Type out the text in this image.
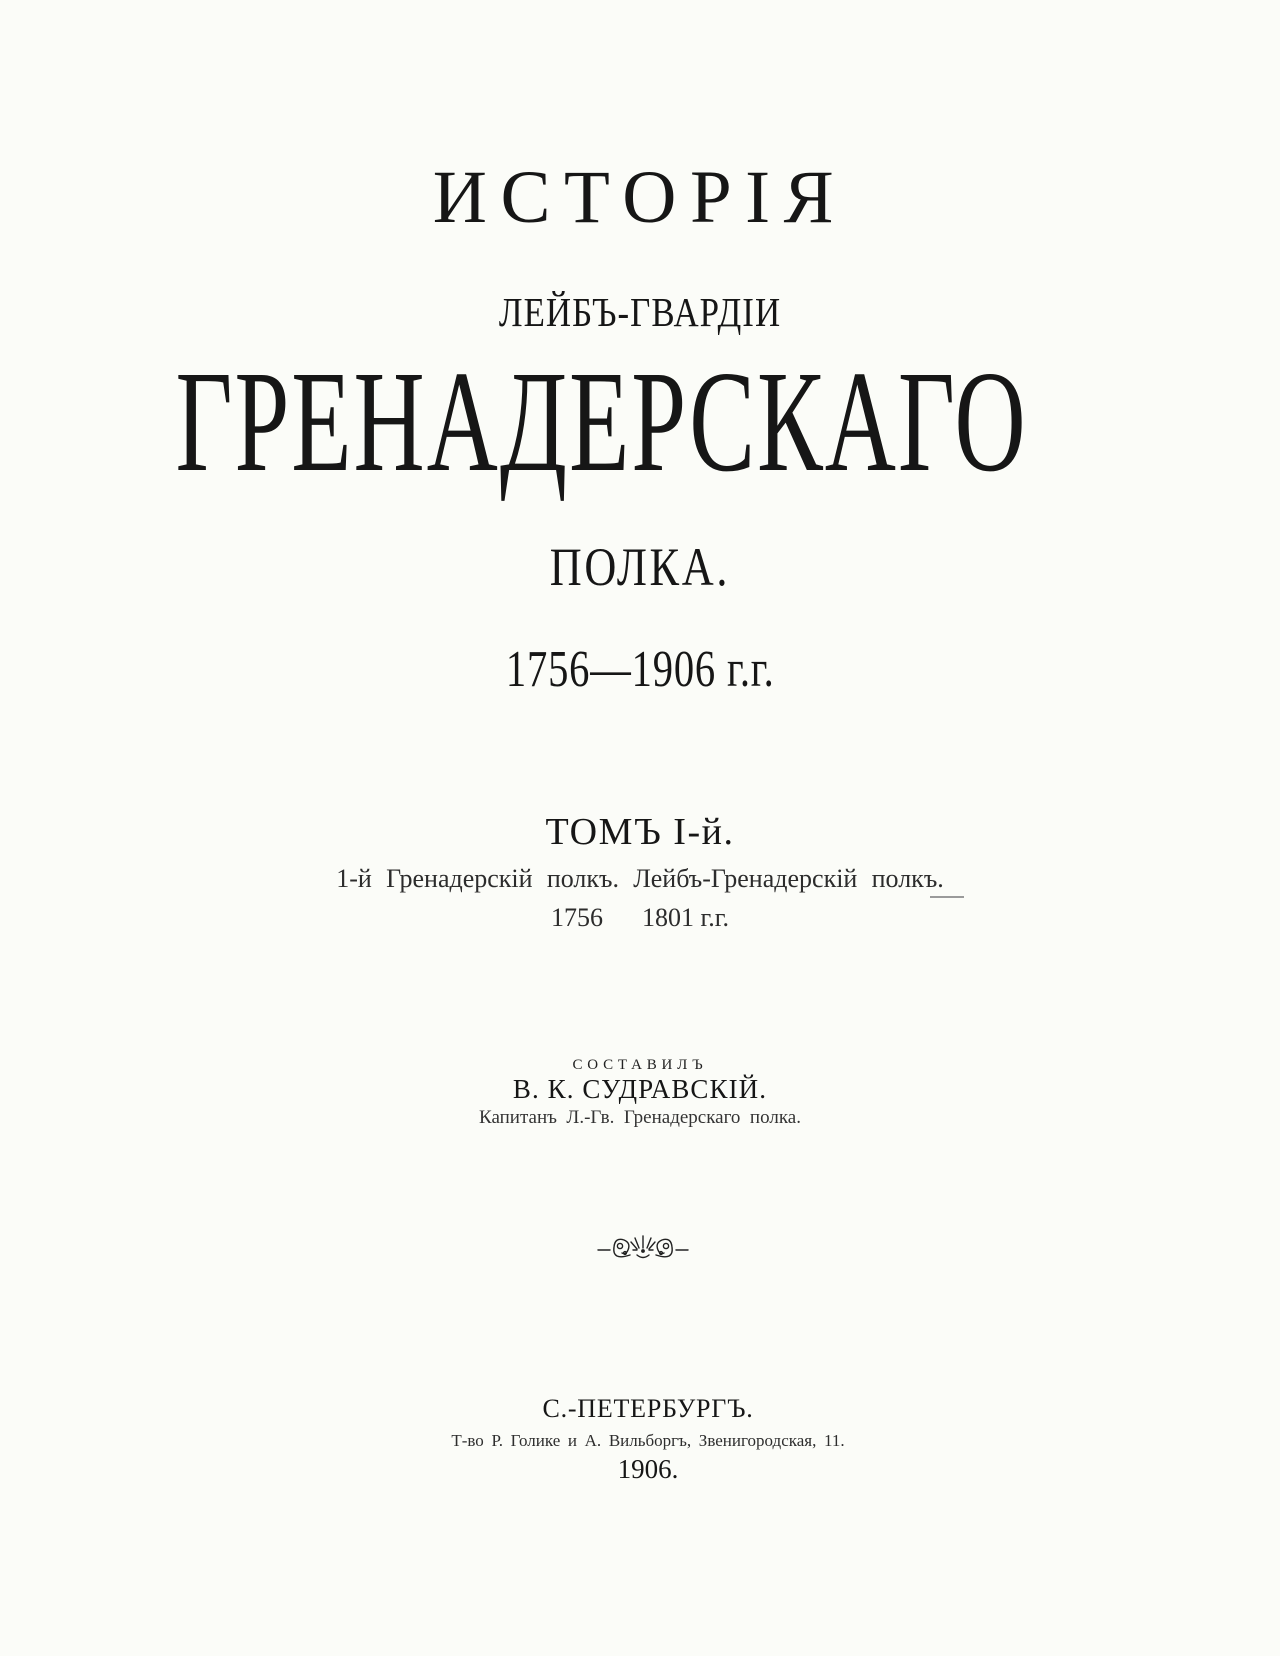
ИСТОРІЯ
ЛЕЙБЪ-ГВАРДІИ
ГРЕНАДЕРСКАГО
ПОЛКА.
1756—1906 г.г.
ТОМЪ I-й.
1-й Гренадерскій полкъ. Лейбъ-Гренадерскій полкъ.
1756      1801 г.г.
СОСТАВИЛЪ
В. К. СУДРАВСКІЙ.
Капитанъ Л.-Гв. Гренадерскаго полка.
С.-ПЕТЕРБУРГЪ.
Т-во Р. Голике и А. Вильборгъ, Звенигородская, 11.
1906.
